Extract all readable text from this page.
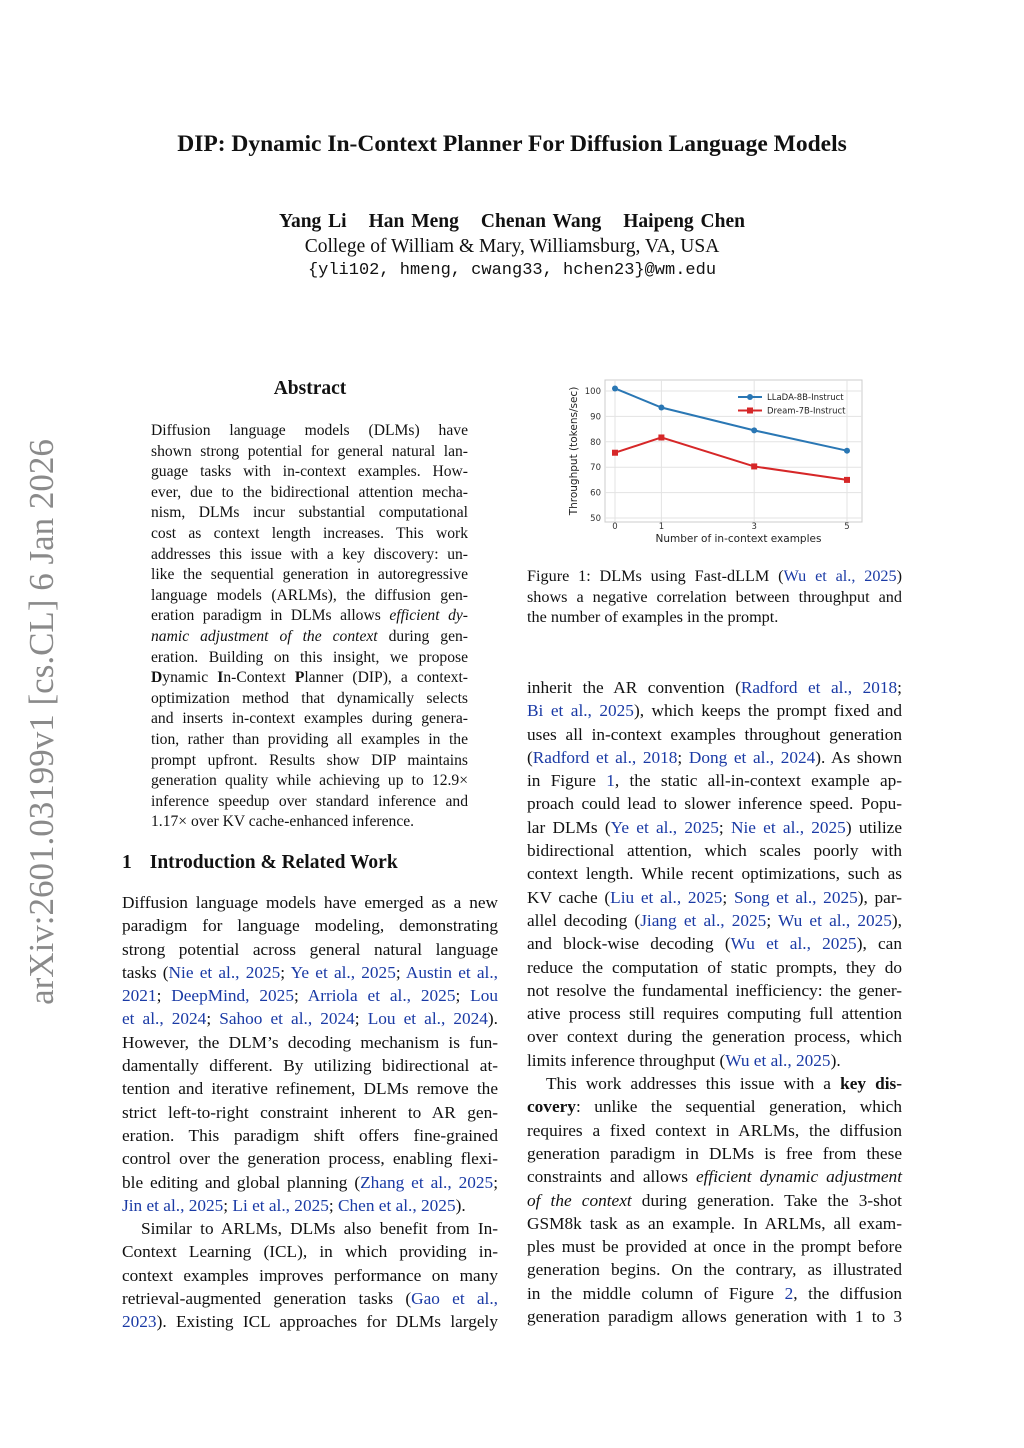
arXiv:2601.03199v1 [cs.CL] 6 Jan 2026
DIP: Dynamic In-Context Planner For Diffusion Language Models
Yang Li Han Meng Chenan Wang Haipeng Chen
College of William & Mary, Williamsburg, VA, USA
{yli102, hmeng, cwang33, hchen23}@wm.edu
Abstract
Diffusion language models (DLMs) have
shown strong potential for general natural lan-
guage tasks with in-context examples. How-
ever, due to the bidirectional attention mecha-
nism, DLMs incur substantial computational
cost as context length increases. This work
addresses this issue with a key discovery: un-
like the sequential generation in autoregressive
language models (ARLMs), the diffusion gen-
eration paradigm in DLMs allows efficient dy-
namic adjustment of the context during gen-
eration. Building on this insight, we propose
Dynamic In-Context Planner (DIP), a context-
optimization method that dynamically selects
and inserts in-context examples during genera-
tion, rather than providing all examples in the
prompt upfront. Results show DIP maintains
generation quality while achieving up to 12.9×
inference speedup over standard inference and
1.17× over KV cache-enhanced inference.
1 Introduction & Related Work
Diffusion language models have emerged as a new
paradigm for language modeling, demonstrating
strong potential across general natural language
tasks (Nie et al., 2025; Ye et al., 2025; Austin et al.,
2021; DeepMind, 2025; Arriola et al., 2025; Lou
et al., 2024; Sahoo et al., 2024; Lou et al., 2024).
However, the DLM’s decoding mechanism is fun-
damentally different. By utilizing bidirectional at-
tention and iterative refinement, DLMs remove the
strict left-to-right constraint inherent to AR gen-
eration. This paradigm shift offers fine-grained
control over the generation process, enabling flexi-
ble editing and global planning (Zhang et al., 2025;
Jin et al., 2025; Li et al., 2025; Chen et al., 2025).
Similar to ARLMs, DLMs also benefit from In-
Context Learning (ICL), in which providing in-
context examples improves performance on many
retrieval-augmented generation tasks (Gao et al.,
2023). Existing ICL approaches for DLMs largely
0	1	3	5
50
60
70
80
90
100
Number of in-context examples
Throughput (tokens/sec)	LLaDA-8B-Instruct
Dream-7B-Instruct
Figure 1: DLMs using Fast-dLLM (Wu et al., 2025)
shows a negative correlation between throughput and
the number of examples in the prompt.
inherit the AR convention (Radford et al., 2018;
Bi et al., 2025), which keeps the prompt fixed and
uses all in-context examples throughout generation
(Radford et al., 2018; Dong et al., 2024). As shown
in Figure 1, the static all-in-context example ap-
proach could lead to slower inference speed. Popu-
lar DLMs (Ye et al., 2025; Nie et al., 2025) utilize
bidirectional attention, which scales poorly with
context length. While recent optimizations, such as
KV cache (Liu et al., 2025; Song et al., 2025), par-
allel decoding (Jiang et al., 2025; Wu et al., 2025),
and block-wise decoding (Wu et al., 2025), can
reduce the computation of static prompts, they do
not resolve the fundamental inefficiency: the gener-
ative process still requires computing full attention
over context during the generation process, which
limits inference throughput (Wu et al., 2025).
This work addresses this issue with a key dis-
covery: unlike the sequential generation, which
requires a fixed context in ARLMs, the diffusion
generation paradigm in DLMs is free from these
constraints and allows efficient dynamic adjustment
of the context during generation. Take the 3-shot
GSM8k task as an example. In ARLMs, all exam-
ples must be provided at once in the prompt before
generation begins. On the contrary, as illustrated
in the middle column of Figure 2, the diffusion
generation paradigm allows generation with 1 to 3
